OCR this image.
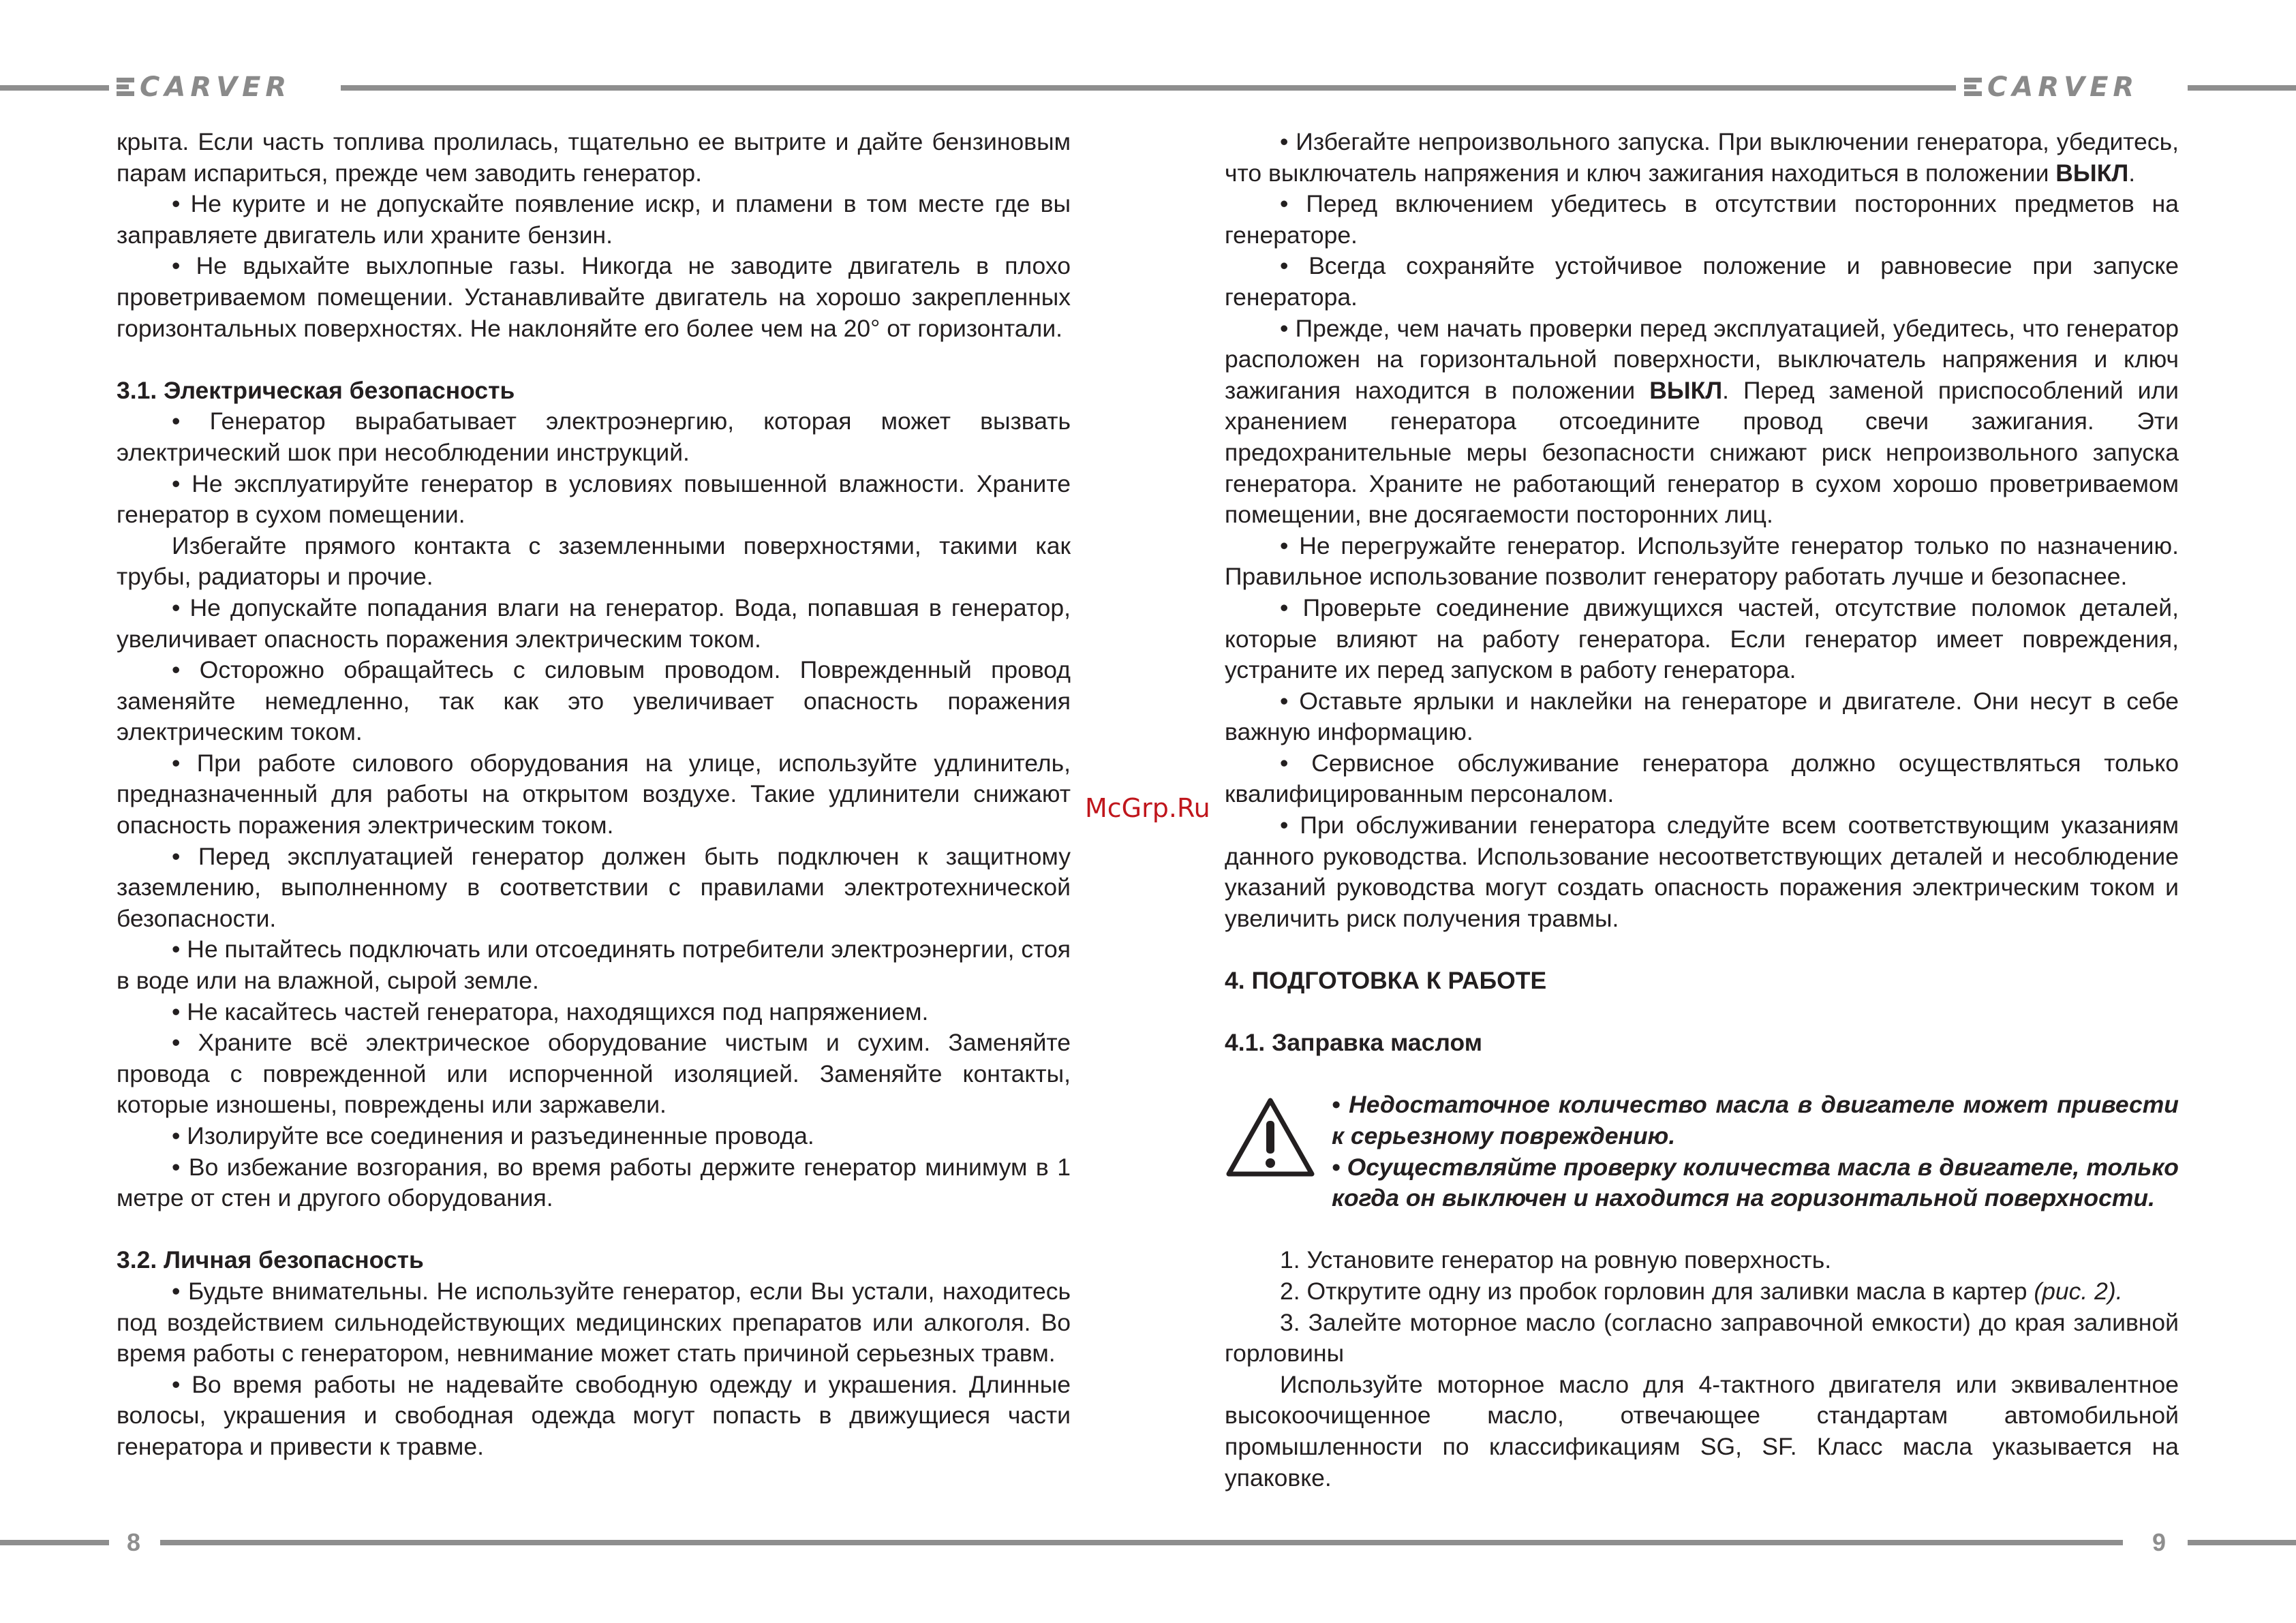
CARVER	CARVER

крыта. Если часть топлива пролилась, тщательно ее вытрите и дайте бензиновым парам испариться, прежде чем заводить генератор.

• Не курите и не допускайте появление искр, и пламени в том месте где вы заправляете двигатель или храните бензин.

• Не вдыхайте выхлопные газы. Никогда не заводите двигатель в плохо проветриваемом помещении. Устанавливайте двигатель на хорошо закрепленных горизонтальных поверхностях. Не наклоняйте его более чем на 20° от горизонтали.

3.1. Электрическая безопасность

• Генератор вырабатывает электроэнергию, которая может вызвать электрический шок при несоблюдении инструкций.

• Не эксплуатируйте генератор в условиях повышенной влажности. Храните генератор в сухом помещении.

Избегайте прямого контакта с заземленными поверхностями, такими как трубы, радиаторы и прочие.

• Не допускайте попадания влаги на генератор. Вода, попавшая в генератор, увеличивает опасность поражения электрическим током.

• Осторожно обращайтесь с силовым проводом. Поврежденный провод заменяйте немедленно, так как это увеличивает опасность поражения электрическим током.

• При работе силового оборудования на улице, используйте удлинитель, предназначенный для работы на открытом воздухе. Такие удлинители снижают опасность поражения электрическим током.

• Перед эксплуатацией генератор должен быть подключен к защитному заземлению, выполненному в соответствии с правилами электротехнической безопасности.

• Не пытайтесь подключать или отсоединять потребители электроэнергии, стоя в воде или на влажной, сырой земле.

• Не касайтесь частей генератора, находящихся под напряжением.

• Храните всё электрическое оборудование чистым и сухим. Заменяйте провода с поврежденной или испорченной изоляцией. Заменяйте контакты, которые изношены, повреждены или заржавели.

• Изолируйте все соединения и разъединенные провода.

• Во избежание возгорания, во время работы держите генератор минимум в 1 метре от стен и другого оборудования.

3.2. Личная безопасность

• Будьте внимательны. Не используйте генератор, если Вы устали, находитесь под воздействием сильнодействующих медицинских препаратов или алкоголя. Во время работы с генератором, невнимание может стать причиной серьезных травм.

• Во время работы не надевайте свободную одежду и украшения. Длинные волосы, украшения и свободная одежда могут попасть в движущиеся части генератора и привести к травме.

McGrp.Ru

• Избегайте непроизвольного запуска. При выключении генератора, убедитесь, что выключатель напряжения и ключ зажигания находиться в положении ВЫКЛ.

• Перед включением убедитесь в отсутствии посторонних предметов на генераторе.

• Всегда сохраняйте устойчивое положение и равновесие при запуске генератора.

• Прежде, чем начать проверки перед эксплуатацией, убедитесь, что генератор расположен на горизонтальной поверхности, выключатель напряжения и ключ зажигания находится в положении ВЫКЛ. Перед заменой приспособлений или хранением генератора отсоедините провод свечи зажигания. Эти предохранительные меры безопасности снижают риск непроизвольного запуска генератора. Храните не работающий генератор в сухом хорошо проветриваемом помещении, вне досягаемости посторонних лиц.

• Не перегружайте генератор. Используйте генератор только по назначению. Правильное использование позволит генератору работать лучше и безопаснее.

• Проверьте соединение движущихся частей, отсутствие поломок деталей, которые влияют на работу генератора. Если генератор имеет повреждения, устраните их перед запуском в работу генератора.

• Оставьте ярлыки и наклейки на генераторе и двигателе. Они несут в себе важную информацию.

• Сервисное обслуживание генератора должно осуществляться только квалифицированным персоналом.

• При обслуживании генератора следуйте всем соответствующим указаниям данного руководства. Использование несоответствующих деталей и несоблюдение указаний руководства могут создать опасность поражения электрическим током и увеличить риск получения травмы.

4. ПОДГОТОВКА К РАБОТЕ

4.1. Заправка маслом

• Недостаточное количество масла в двигателе может привести к серьезному повреждению.

• Осуществляйте проверку количества масла в двигателе, только когда он выключен и находится на горизонтальной поверхности.

1. Установите генератор на ровную поверхность.

2. Открутите одну из пробок горловин для заливки масла в картер (рис. 2).

3. Залейте моторное масло (согласно заправочной емкости) до края заливной горловины

Используйте моторное масло для 4-тактного двигателя или эквивалентное высокоочищенное масло, отвечающее стандартам автомобильной промышленности по классификациям SG, SF. Класс масла указывается на упаковке.

8	9
